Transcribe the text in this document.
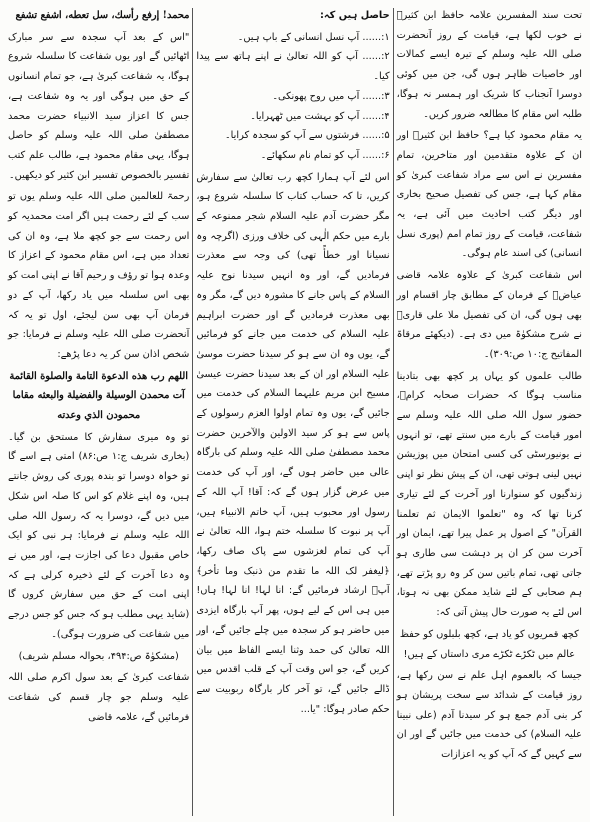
تحت سند المفسرین علامہ حافظ ابن کثیرؒ نے خوب لکھا ہے، قیامت کے روز آنحضرت صلی اللہ علیہ وسلم کے تیرہ ایسے کمالات اور خاصیات ظاہر ہوں گی، جن میں کوئی دوسرا آنجناب کا شریک اور ہمسر نہ ہوگا، طلبہ اس مقام کا مطالعہ ضرور کریں۔

یہ مقام محمود کیا ہے؟ حافظ ابن کثیرؒ اور ان کے علاوہ متقدمین اور متاخرین، تمام مفسرین نے اس سے مراد شفاعت کبریٰ کو مقام کہا ہے، جس کی تفصیل صحیح بخاری اور دیگر کتب احادیث میں آئی ہے، یہ شفاعت، قیامت کے روز تمام امم (پوری نسل انسانی) کی اسند عام ہوگی۔

اس شفاعت کبریٰ کے علاوہ علامہ قاضی عیاضؒ کے فرمان کے مطابق چار اقسام اور بھی ہوں گی، ان کی تفصیل ملا علی قاریؒ نے شرح مشکوٰۃ میں دی ہے۔ (دیکھئے مرقاۃ المفاتیح ج:۱۰ ص:۳۰۹)۔

طالب علموں کو یہاں پر کچھ بھی بتادینا مناسب ہوگا کہ حضرات صحابہ کرامؓ، حضور سول اللہ صلی اللہ علیہ وسلم سے امور قیامت کے بارے میں سنتے تھے، تو انہوں نے یونیورسٹی کی کسی امتحان میں پوزیشن نہیں لینی ہوتی تھی، ان کے پیش نظر تو اپنی زندگیوں کو سنوارنا اور آخرت کے لئے تیاری کرنا تھا کہ وہ "تعلموا الایمان ثم تعلمنا القرآن" کے اصول پر عمل پیرا تھے، ایمان اور آخرت سن کر ان پر دہشت سی طاری ہو جاتی تھی، تمام باتیں سن کر وہ رو پڑتے تھے، ہم صحابی کے لئے شاید ممکن بھی نہ ہوتا، اس لئے یہ صورت حال پیش آتی کہ:

کچھ قمریوں کو یاد ہے، کچھ بلبلوں کو حفظ عالم میں ٹکڑے ٹکڑے مری داستاں کے ہیں!

جیسا کہ بالعموم اہل علم نے سن رکھا ہے، روز قیامت کے شدائد سے سخت پریشان ہو کر بنی آدم جمع ہو کر سیدنا آدم (علی نبینا علیہ السلام) کی خدمت میں جائیں گے اور ان سے کہیں گے کہ آپ کو یہ اعزازات

حاصل ہیں کہ:

۱:...... آپ نسل انسانی کے باپ ہیں۔
۲:...... آپ کو اللہ تعالیٰ نے اپنے ہاتھ سے پیدا کیا۔
۳:...... آپ میں روح پھونکی۔
۴:...... آپ کو بہشت میں ٹھہرایا۔
۵:...... فرشتوں سے آپ کو سجدہ کرایا۔
۶:...... آپ کو تمام نام سکھائے۔

اس لئے آپ ہمارا کچھ رب تعالیٰ سے سفارش کریں، تا کہ حساب کتاب کا سلسلہ شروع ہو، مگر حضرت آدم علیہ السلام شجر ممنوعہ کے بارے میں حکم الٰہی کی خلاف ورزی (اگرچہ وہ نسیانا اور خطأً تھی) کی وجہ سے معذرت فرمادیں گے، اور وہ انہیں سیدنا نوح علیہ السلام کے پاس جانے کا مشورہ دیں گے، مگر وہ بھی معذرت فرمادیں گے اور حضرت ابراہیم علیہ السلام کی خدمت میں جانے کو فرمائیں گے، یوں وہ ان سے ہو کر سیدنا حضرت موسیٰ علیہ السلام اور ان کے بعد سیدنا حضرت عیسیٰ مسیح ابن مریم علیہما السلام کی خدمت میں جائیں گے، یوں وہ تمام اولوا العزم رسولوں کے پاس سے ہو کر سید الاولین والآخرین حضرت محمد مصطفیٰ صلی اللہ علیہ وسلم کی بارگاہ عالی میں حاضر ہوں گے، اور آپ کی خدمت میں عرض گزار ہوں گے کہ: آقا! آپ اللہ کے رسول اور محبوب ہیں، آپ خاتم الانبیاء ہیں، آپ پر نبوت کا سلسلہ ختم ہوا، اللہ تعالیٰ نے آپ کی تمام لغزشوں سے پاک صاف رکھا، ﴿لیغفر لک اللہ ما تقدم من ذنبک وما تأخر﴾ آپؐ ارشاد فرمائیں گے: انا لہا! انا لہا! ہاں! میں ہی اس کے لیے ہوں، پھر آپ بارگاہ ایزدی میں حاضر ہو کر سجدہ میں چلے جائیں گے، اور اللہ تعالیٰ کی حمد وثنا ایسے الفاظ میں بیان کریں گے، جو اس وقت آپ کے قلب اقدس میں ڈالے جائیں گے، تو آخر کار بارگاہ ربوبیت سے حکم صادر ہوگا: "یا...

محمد! إرفع رأسك، سل تعطه، اشفع تشفع

"اس کے بعد آپ سجدہ سے سر مبارک اٹھائیں گے اور یوں شفاعت کا سلسلہ شروع ہوگا، یہ شفاعت کبریٰ ہے، جو تمام انسانوں کے حق میں ہوگی اور یہ وہ شفاعت ہے، جس کا اعزاز سید الانبیاء حضرت محمد مصطفیٰ صلی اللہ علیہ وسلم کو حاصل ہوگا، یہی مقام محمود ہے، طالب علم کتب تفسیر بالخصوص تفسیر ابن کثیر کو دیکھیں۔

رحمۃ للعالمین صلی اللہ علیہ وسلم یوں تو سب کے لئے رحمت ہیں اگر امت محمدیہ کو اس رحمت سے جو کچھ ملا ہے، وہ ان کی تعداد میں ہے، اس مقام محمود کے اعزاز کا وعدہ ہوا تو رؤف و رحیم آقا نے اپنی امت کو بھی اس سلسلہ میں یاد رکھا، آپ کے دو فرمان آپ بھی سن لیجئے، اول تو یہ کہ آنحضرت صلی اللہ علیہ وسلم نے فرمایا: جو شخص اذان سن کر یہ دعا پڑھے:

اللهم رب هذه الدعوة التامة والصلوة القائمة آت محمدن الوسيلة والفضيلة والبعثه مقاما محمودن الذي وعدته

تو وہ میری سفارش کا مستحق بن گیا۔ (بخاری شریف ج:۱ ص:۸۶) امتی ہے اسے گا تو خواہ دوسرا تو بندہ پوری کی روش جانتے ہیں، وہ اپنے غلام کو اس کا صلہ اس شکل میں دیں گے، دوسرا یہ کہ رسول اللہ صلی اللہ علیہ وسلم نے فرمایا: ہر نبی کو ایک خاص مقبول دعا کی اجازت ہے، اور میں نے وہ دعا آخرت کے لئے ذخیرہ کرلی ہے کہ اپنی امت کے حق میں سفارش کروں گا (شاید یہی مطلب ہو کہ جس کو جس درجے میں شفاعت کی ضرورت ہوگی)۔

(مشکوٰۃ ص:۴۹۴، بحوالہ مسلم شریف)

شفاعت کبریٰ کے بعد سول اکرم صلی اللہ علیہ وسلم جو چار قسم کی شفاعت فرمائیں گے، علامہ قاضی
